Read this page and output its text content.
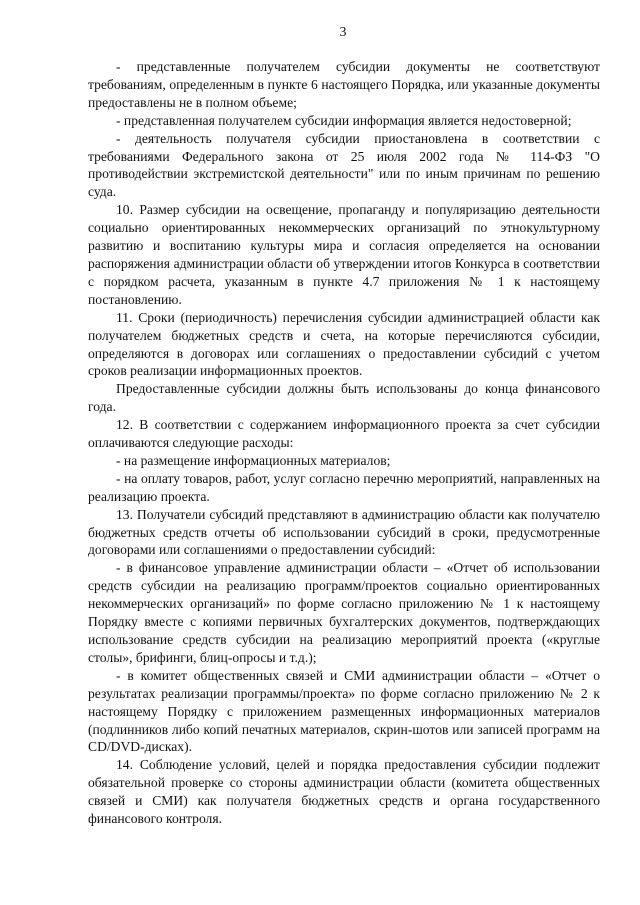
3

- представленные получателем субсидии документы не соответствуют требованиям, определенным в пункте 6 настоящего Порядка, или указанные документы предоставлены не в полном объеме;

- представленная получателем субсидии информация является недостоверной;

- деятельность получателя субсидии приостановлена в соответствии с требованиями Федерального закона от 25 июля 2002 года № 114-ФЗ "О противодействии экстремистской деятельности" или по иным причинам по решению суда.

10. Размер субсидии на освещение, пропаганду и популяризацию деятельности социально ориентированных некоммерческих организаций по этнокультурному развитию и воспитанию культуры мира и согласия определяется на основании распоряжения администрации области об утверждении итогов Конкурса в соответствии с порядком расчета, указанным в пункте 4.7 приложения № 1 к настоящему постановлению.

11. Сроки (периодичность) перечисления субсидии администрацией области как получателем бюджетных средств и счета, на которые перечисляются субсидии, определяются в договорах или соглашениях о предоставлении субсидий с учетом сроков реализации информационных проектов.

Предоставленные субсидии должны быть использованы до конца финансового года.

12. В соответствии с содержанием информационного проекта за счет субсидии оплачиваются следующие расходы:

- на размещение информационных материалов;

- на оплату товаров, работ, услуг согласно перечню мероприятий, направленных на реализацию проекта.

13. Получатели субсидий представляют в администрацию области как получателю бюджетных средств отчеты об использовании субсидий в сроки, предусмотренные договорами или соглашениями о предоставлении субсидий:

- в финансовое управление администрации области – «Отчет об использовании средств субсидии на реализацию программ/проектов социально ориентированных некоммерческих организаций» по форме согласно приложению № 1 к настоящему Порядку вместе с копиями первичных бухгалтерских документов, подтверждающих использование средств субсидии на реализацию мероприятий проекта («круглые столы», брифинги, блиц-опросы и т.д.);

- в комитет общественных связей и СМИ администрации области – «Отчет о результатах реализации программы/проекта» по форме согласно приложению № 2 к настоящему Порядку с приложением размещенных информационных материалов (подлинников либо копий печатных материалов, скрин-шотов или записей программ на CD/DVD-дисках).

14. Соблюдение условий, целей и порядка предоставления субсидии подлежит обязательной проверке со стороны администрации области (комитета общественных связей и СМИ) как получателя бюджетных средств и органа государственного финансового контроля.
